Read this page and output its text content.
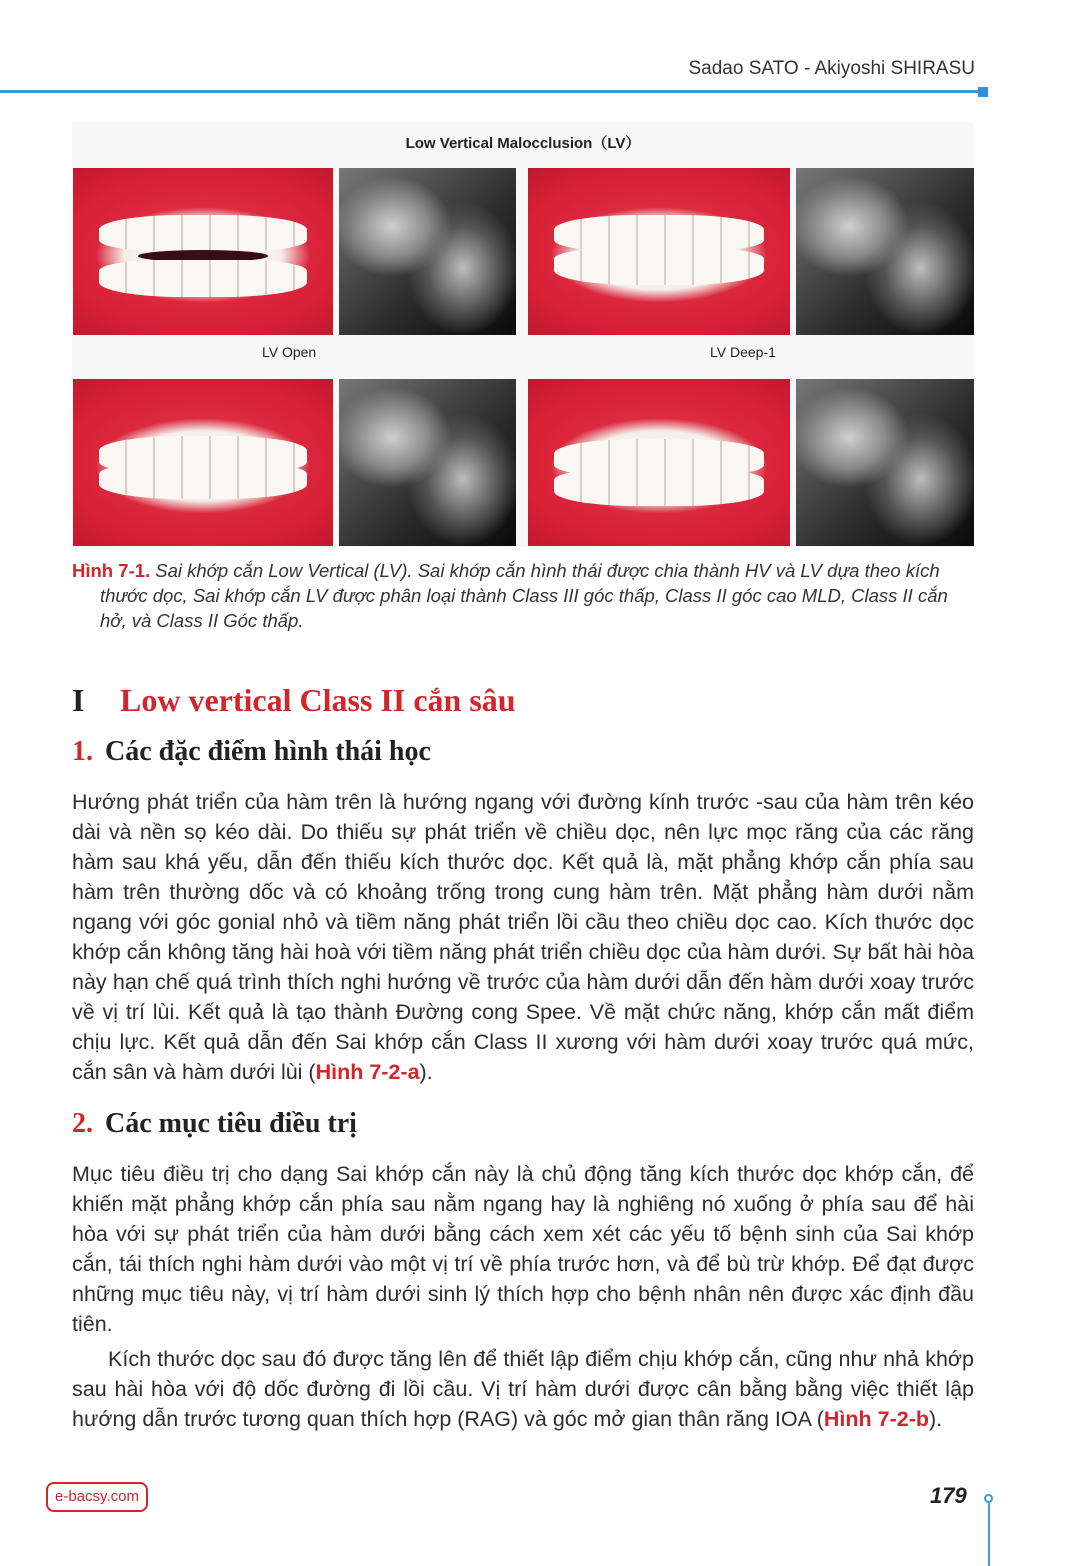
Sadao SATO - Akiyoshi SHIRASU
Low Vertical Malocclusion（LV）
LV Open	LV Deep-1
Hình 7-1. Sai khớp cắn Low Vertical (LV). Sai khớp cắn hình thái được chia thành HV và LV dựa theo kích
thước dọc, Sai khớp cắn LV được phân loại thành Class III góc thấp, Class II góc cao MLD, Class II cắn hở, và Class II Góc thấp.
I Low vertical Class II cắn sâu
1. Các đặc điểm hình thái học
Hướng phát triển của hàm trên là hướng ngang với đường kính trước -sau của hàm trên kéo dài và nền sọ kéo dài. Do thiếu sự phát triển về chiều dọc, nên lực mọc răng của các răng hàm sau khá yếu, dẫn đến thiếu kích thước dọc. Kết quả là, mặt phẳng khớp cắn phía sau hàm trên thường dốc và có khoảng trống trong cung hàm trên. Mặt phẳng hàm dưới nằm ngang với góc gonial nhỏ và tiềm năng phát triển lồi cầu theo chiều dọc cao. Kích thước dọc khớp cắn không tăng hài hoà với tiềm năng phát triển chiều dọc của hàm dưới. Sự bất hài hòa này hạn chế quá trình thích nghi hướng về trước của hàm dưới dẫn đến hàm dưới xoay trước về vị trí lùi. Kết quả là tạo thành Đường cong Spee. Về mặt chức năng, khớp cắn mất điểm chịu lực. Kết quả dẫn đến Sai khớp cắn Class II xương với hàm dưới xoay trước quá mức, cắn sân và hàm dưới lùi (Hình 7-2-a).
2. Các mục tiêu điều trị
Mục tiêu điều trị cho dạng Sai khớp cắn này là chủ động tăng kích thước dọc khớp cắn, để khiến mặt phẳng khớp cắn phía sau nằm ngang hay là nghiêng nó xuống ở phía sau để hài hòa với sự phát triển của hàm dưới bằng cách xem xét các yếu tố bệnh sinh của Sai khớp cắn, tái thích nghi hàm dưới vào một vị trí về phía trước hơn, và để bù trừ khớp. Để đạt được những mục tiêu này, vị trí hàm dưới sinh lý thích hợp cho bệnh nhân nên được xác định đầu tiên.
Kích thước dọc sau đó được tăng lên để thiết lập điểm chịu khớp cắn, cũng như nhả khớp sau hài hòa với độ dốc đường đi lồi cầu. Vị trí hàm dưới được cân bằng bằng việc thiết lập hướng dẫn trước tương quan thích hợp (RAG) và góc mở gian thân răng IOA (Hình 7-2-b).
e-bacsy.com	179
